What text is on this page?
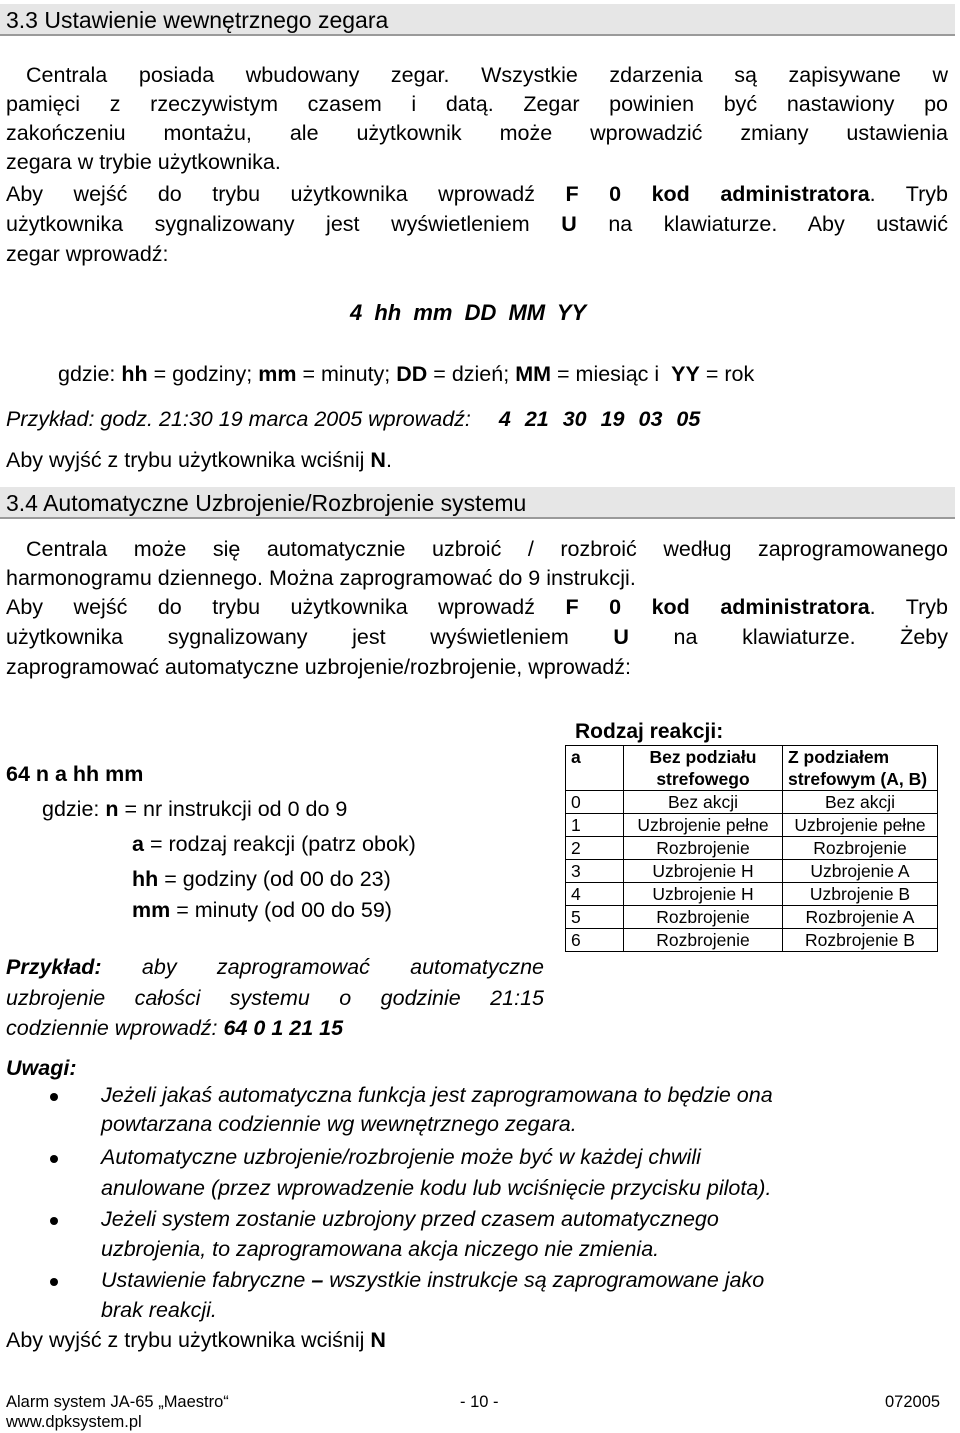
3.3 Ustawienie wewnętrznego zegara
Centrala posiada wbudowany zegar. Wszystkie zdarzenia są zapisywane w
pamięci z rzeczywistym czasem i datą. Zegar powinien być nastawiony po
zakończeniu montażu, ale użytkownik może wprowadzić zmiany ustawienia
zegara w trybie użytkownika.
Aby wejść do trybu użytkownika wprowadź F 0 kod administratora. Tryb
użytkownika sygnalizowany jest wyświetleniem U na klawiaturze. Aby ustawić
zegar wprowadź:
4 hh mm DD MM YY
gdzie: hh = godziny; mm = minuty; DD = dzień; MM = miesiąc i YY = rok
Przykład: godz. 21:30 19 marca 2005 wprowadź: 4 21 30 19 03 05
Aby wyjść z trybu użytkownika wciśnij N.
3.4 Automatyczne Uzbrojenie/Rozbrojenie systemu
Centrala może się automatycznie uzbroić / rozbroić według zaprogramowanego
harmonogramu dziennego. Można zaprogramować do 9 instrukcji.
Aby wejść do trybu użytkownika wprowadź F 0 kod administratora. Tryb
użytkownika sygnalizowany jest wyświetleniem U na klawiaturze. Żeby
zaprogramować automatyczne uzbrojenie/rozbrojenie, wprowadź:
64 n a hh mm
gdzie: n = nr instrukcji od 0 do 9
a = rodzaj reakcji (patrz obok)
hh = godziny (od 00 do 23)
mm = minuty (od 00 do 59)
Przykład: aby zaprogramować automatyczne
uzbrojenie całości systemu o godzinie 21:15
codziennie wprowadź: 64 0 1 21 15
Rodzaj reakcji:
a	Bez podziału strefowego	Z podziałem strefowym (A, B)
0	Bez akcji	Bez akcji
1	Uzbrojenie pełne	Uzbrojenie pełne
2	Rozbrojenie	Rozbrojenie
3	Uzbrojenie H	Uzbrojenie A
4	Uzbrojenie H	Uzbrojenie B
5	Rozbrojenie	Rozbrojenie A
6	Rozbrojenie	Rozbrojenie B
Uwagi:
Jeżeli jakaś automatyczna funkcja jest zaprogramowana to będzie ona
powtarzana codziennie wg wewnętrznego zegara.
Automatyczne uzbrojenie/rozbrojenie może być w każdej chwili
anulowane (przez wprowadzenie kodu lub wciśnięcie przycisku pilota).
Jeżeli system zostanie uzbrojony przed czasem automatycznego
uzbrojenia, to zaprogramowana akcja niczego nie zmienia.
Ustawienie fabryczne – wszystkie instrukcje są zaprogramowane jako
brak reakcji.
Aby wyjść z trybu użytkownika wciśnij N
Alarm system JA-65 „Maestro“	- 10 -	072005
www.dpksystem.pl
